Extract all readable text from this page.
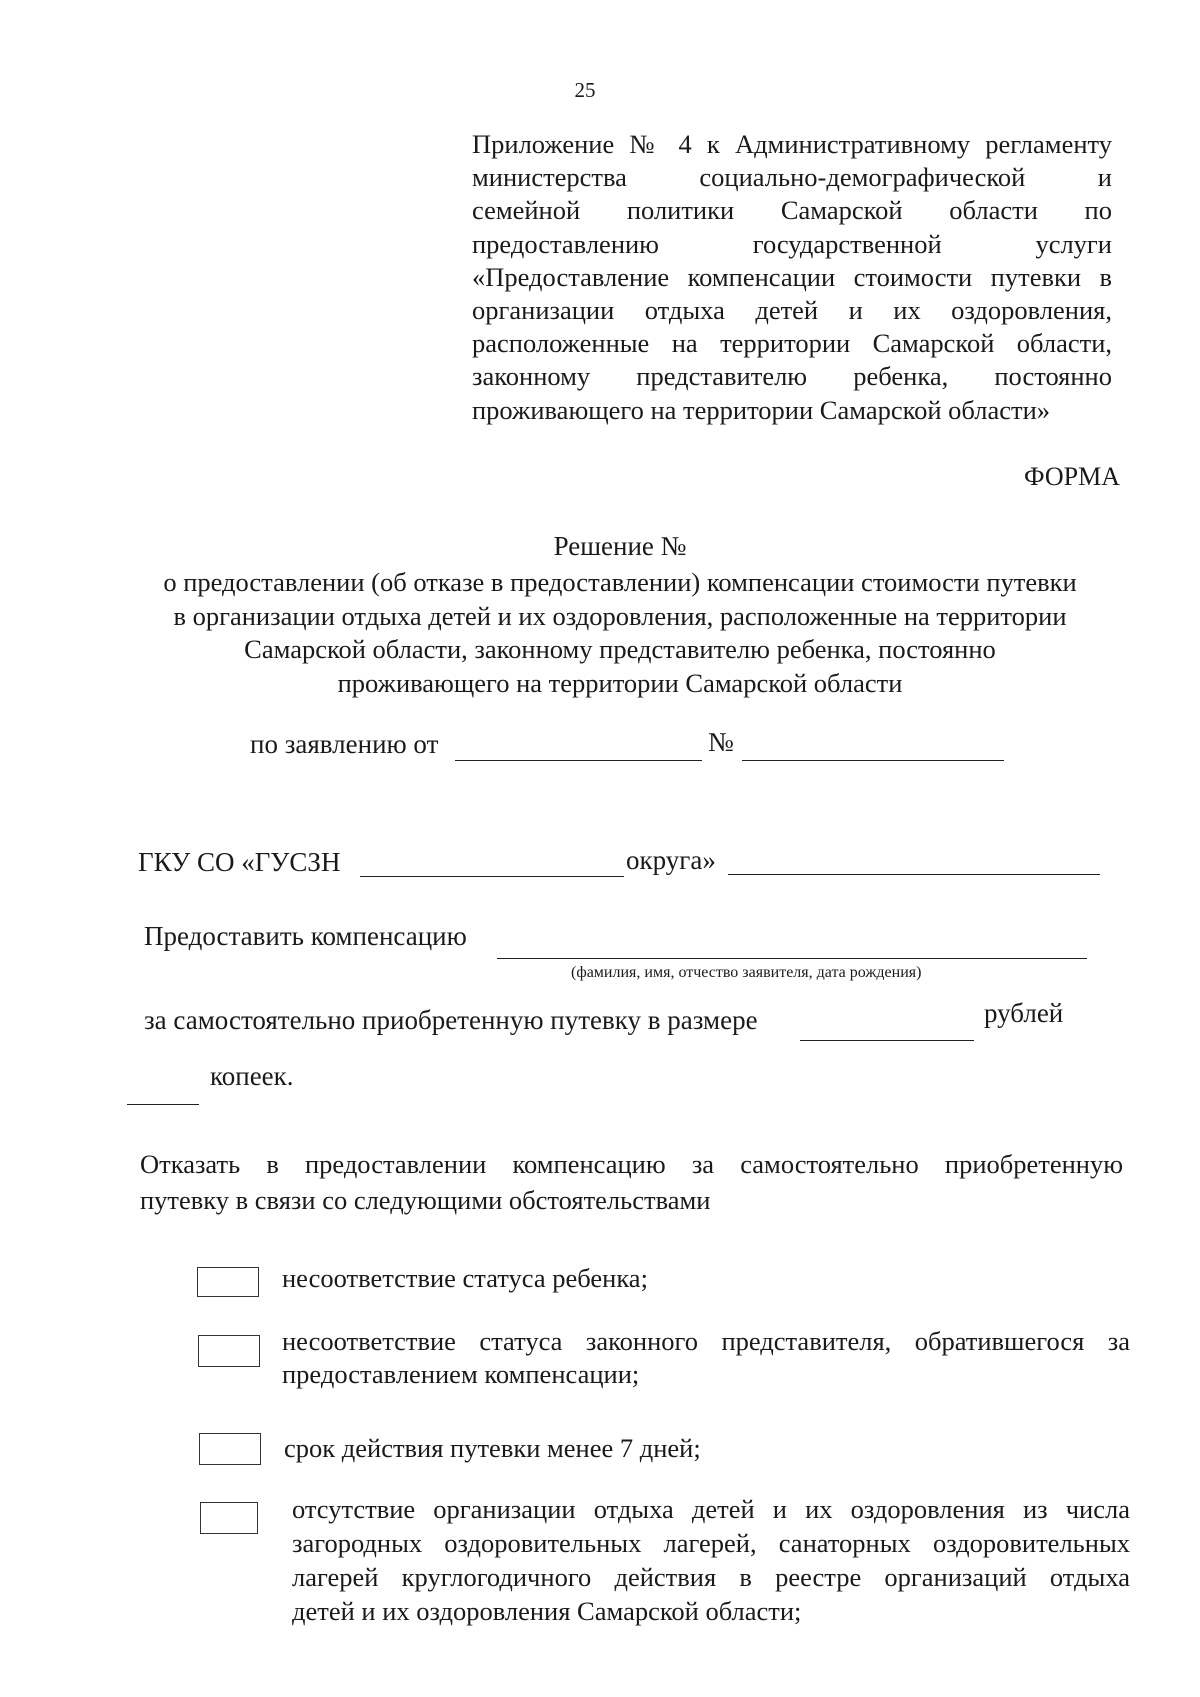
25
Приложение № 4 к Административному регламенту
министерства социально-демографической и
семейной политики Самарской области по
предоставлению государственной услуги
«Предоставление компенсации стоимости путевки в
организации отдыха детей и их оздоровления,
расположенные на территории Самарской области,
законному представителю ребенка, постоянно
проживающего на территории Самарской области»
ФОРМА
Решение №
о предоставлении (об отказе в предоставлении) компенсации стоимости путевки
в организации отдыха детей и их оздоровления, расположенные на территории
Самарской области, законному представителю ребенка, постоянно
проживающего на территории Самарской области
по заявлению от	№
ГКУ СО «ГУСЗН	округа»
Предоставить компенсацию
(фамилия, имя, отчество заявителя, дата рождения)
за самостоятельно приобретенную путевку в размере	рублей
копеек.
Отказать в предоставлении компенсацию за самостоятельно приобретенную
путевку в связи со следующими обстоятельствами
несоответствие статуса ребенка;
несоответствие статуса законного представителя, обратившегося за
предоставлением компенсации;
срок действия путевки менее 7 дней;
отсутствие организации отдыха детей и их оздоровления из числа
загородных оздоровительных лагерей, санаторных оздоровительных
лагерей круглогодичного действия в реестре организаций отдыха
детей и их оздоровления Самарской области;
